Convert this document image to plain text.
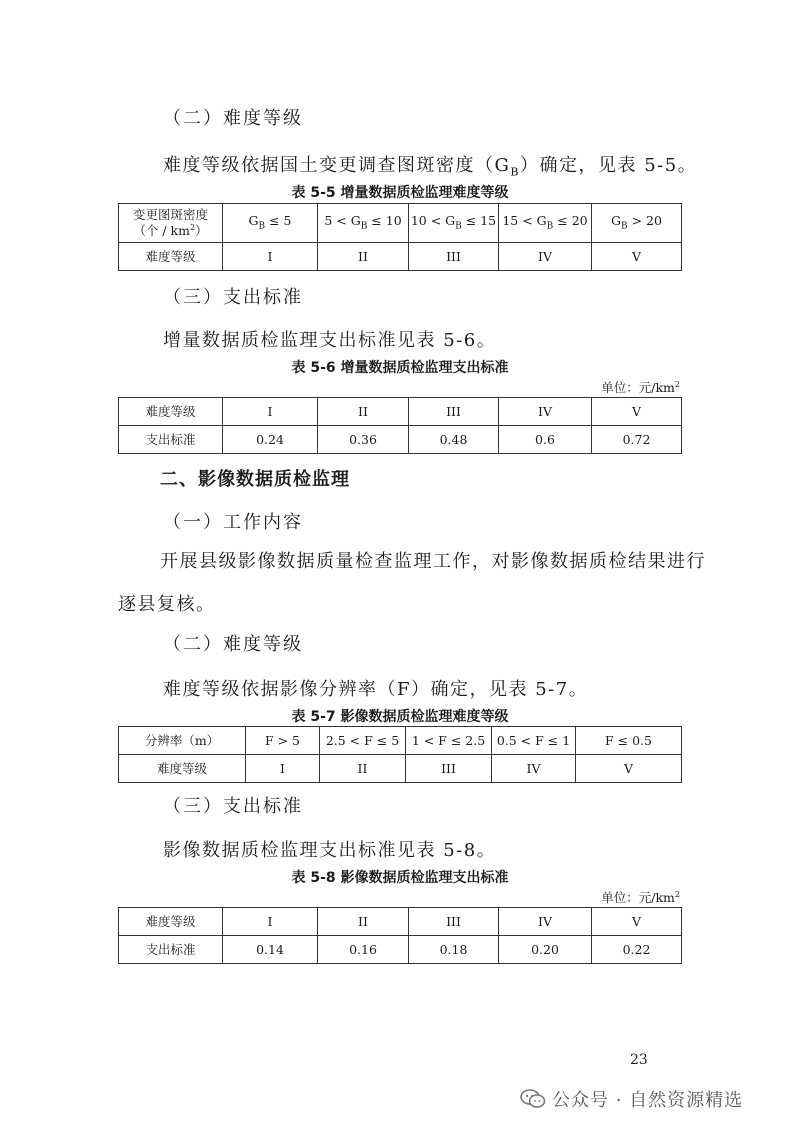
（二）难度等级
难度等级依据国土变更调查图斑密度$(G_B)$确定，见表 5-5。
表 5-5 增量数据质检监理难度等级
变更图斑密度
（个 / $km^2$）	$G_B \le 5$	$5 < G_B \le 10$	$10 < G_B \le 15$	$15 < G_B \le 20$	$G_B > 20$
难度等级	I	II	III	IV	V
（三）支出标准
增量数据质检监理支出标准见表 5-6。
表 5-6 增量数据质检监理支出标准
单位：元$/km^2$
难度等级	I	II	III	IV	V
支出标准	0.24	0.36	0.48	0.6	0.72
二、影像数据质检监理
（一）工作内容
开展县级影像数据质量检查监理工作，对影像数据质检结果进行
逐县复核。
（二）难度等级
难度等级依据影像分辨率（F）确定，见表 5-7。
表 5-7 影像数据质检监理难度等级
分辨率（m）	F > 5	2.5 < F ≤ 5	1 < F ≤ 2.5	0.5 < F ≤ 1	F ≤ 0.5
难度等级	I	II	III	IV	V
（三）支出标准
影像数据质检监理支出标准见表 5-8。
表 5-8 影像数据质检监理支出标准
单位：元$/km^2$
难度等级	I	II	III	IV	V
支出标准	0.14	0.16	0.18	0.20	0.22
23
公众号 · 自然资源精选
